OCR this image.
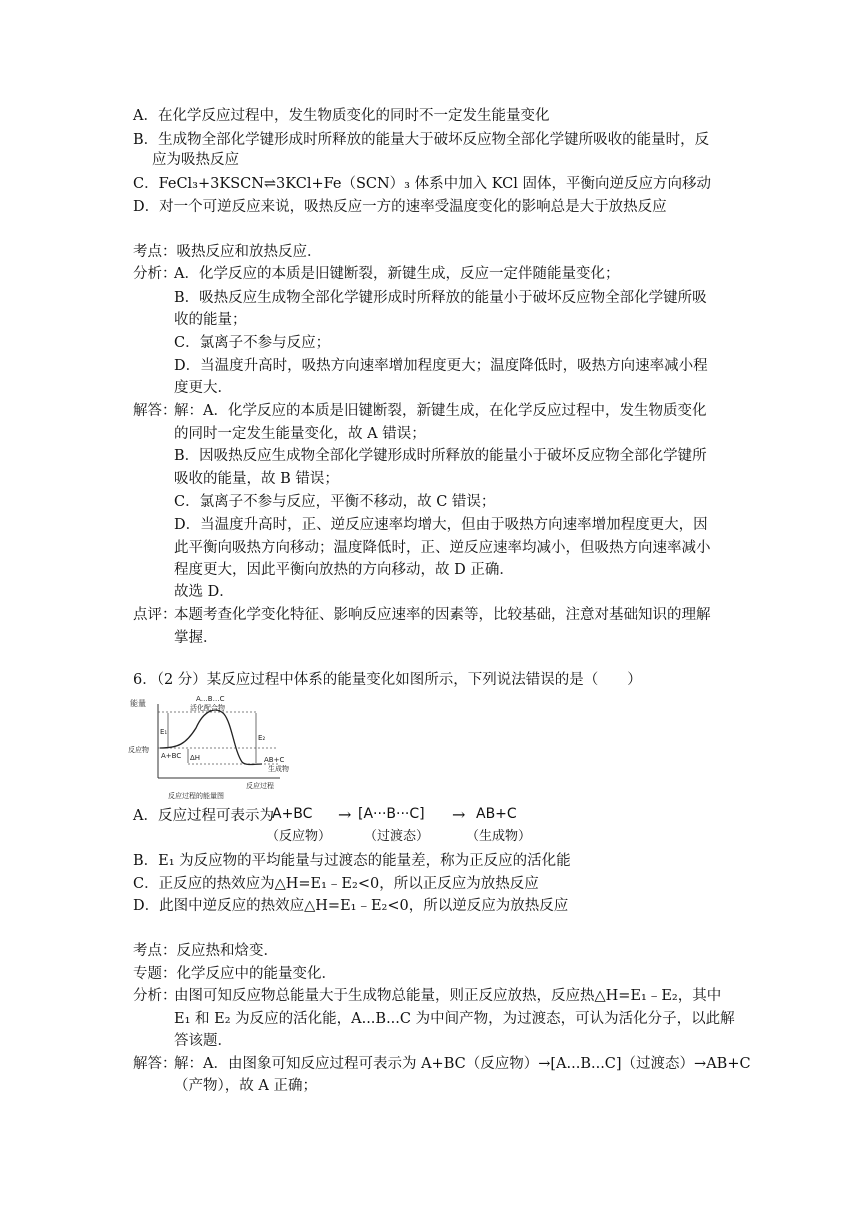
A．在化学反应过程中，发生物质变化的同时不一定发生能量变化
B．生成物全部化学键形成时所释放的能量大于破坏反应物全部化学键所吸收的能量时，反
应为吸热反应
C．FeCl₃+3KSCN⇌3KCl+Fe（SCN）₃ 体系中加入 KCl 固体，平衡向逆反应方向移动
D．对一个可逆反应来说，吸热反应一方的速率受温度变化的影响总是大于放热反应
考点：吸热反应和放热反应．
分析：
A．化学反应的本质是旧键断裂，新键生成，反应一定伴随能量变化；
B．吸热反应生成物全部化学键形成时所释放的能量小于破坏反应物全部化学键所吸
收的能量；
C．氯离子不参与反应；
D．当温度升高时，吸热方向速率增加程度更大；温度降低时，吸热方向速率减小程
度更大．
解答：
解：A．化学反应的本质是旧键断裂，新键生成，在化学反应过程中，发生物质变化
的同时一定发生能量变化，故 A 错误；
B．因吸热反应生成物全部化学键形成时所释放的能量小于破坏反应物全部化学键所
吸收的能量，故 B 错误；
C．氯离子不参与反应，平衡不移动，故 C 错误；
D．当温度升高时，正、逆反应速率均增大，但由于吸热方向速率增加程度更大，因
此平衡向吸热方向移动；温度降低时，正、逆反应速率均减小，但吸热方向速率减小
程度更大，因此平衡向放热的方向移动，故 D 正确．
故选 D．
点评：
本题考查化学变化特征、影响反应速率的因素等，比较基础，注意对基础知识的理解
掌握．
6．（2 分）某反应过程中体系的能量变化如图所示，下列说法错误的是（　　）
能量	A…B…C
活化配合物
E₁
E₂
反应物
A+BC ΔH	AB+C
生成物
反应过程
反应过程的能量图
A． 反应过程可表示为
A+BC
（反应物）
→ [A···B···C]
（过渡态）
→ AB+C
（生成物）
B．E₁ 为反应物的平均能量与过渡态的能量差，称为正反应的活化能
C．正反应的热效应为△H=E₁﹣E₂<0，所以正反应为放热反应
D．此图中逆反应的热效应△H=E₁﹣E₂<0，所以逆反应为放热反应
考点：反应热和焓变．
专题：化学反应中的能量变化．
分析：
由图可知反应物总能量大于生成物总能量，则正反应放热，反应热△H=E₁﹣E₂，其中
E₁ 和 E₂ 为反应的活化能，A...B...C 为中间产物，为过渡态，可认为活化分子，以此解
答该题．
解答：
解：A．由图象可知反应过程可表示为 A+BC（反应物）→[A...B...C]（过渡态）→AB+C
（产物），故 A 正确；
